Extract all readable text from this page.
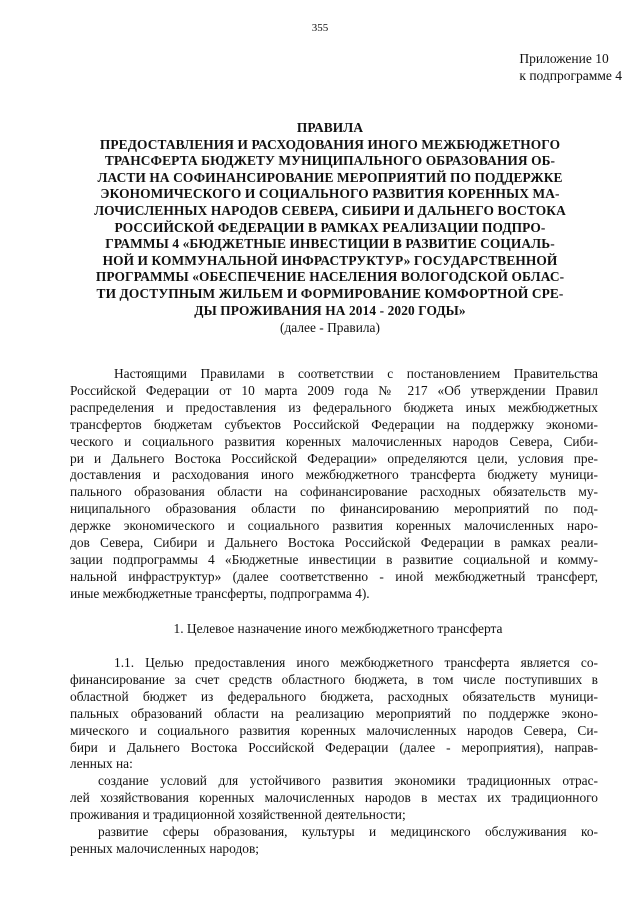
355
Приложение 10
к подпрограмме 4
ПРАВИЛА
ПРЕДОСТАВЛЕНИЯ И РАСХОДОВАНИЯ ИНОГО МЕЖБЮДЖЕТНОГО
ТРАНСФЕРТА БЮДЖЕТУ МУНИЦИПАЛЬНОГО ОБРАЗОВАНИЯ ОБ-
ЛАСТИ НА СОФИНАНСИРОВАНИЕ МЕРОПРИЯТИЙ ПО ПОДДЕРЖКЕ
ЭКОНОМИЧЕСКОГО И СОЦИАЛЬНОГО РАЗВИТИЯ КОРЕННЫХ МА-
ЛОЧИСЛЕННЫХ НАРОДОВ СЕВЕРА, СИБИРИ И ДАЛЬНЕГО ВОСТОКА
РОССИЙСКОЙ ФЕДЕРАЦИИ В РАМКАХ РЕАЛИЗАЦИИ ПОДПРО-
ГРАММЫ 4 «БЮДЖЕТНЫЕ ИНВЕСТИЦИИ В РАЗВИТИЕ СОЦИАЛЬ-
НОЙ И КОММУНАЛЬНОЙ ИНФРАСТРУКТУР» ГОСУДАРСТВЕННОЙ
ПРОГРАММЫ «ОБЕСПЕЧЕНИЕ НАСЕЛЕНИЯ ВОЛОГОДСКОЙ ОБЛАС-
ТИ ДОСТУПНЫМ ЖИЛЬЕМ И ФОРМИРОВАНИЕ КОМФОРТНОЙ СРЕ-
ДЫ ПРОЖИВАНИЯ НА 2014 - 2020 ГОДЫ»
(далее - Правила)
Настоящими Правилами в соответствии с постановлением Правительства
Российской Федерации от 10 марта 2009 года № 217 «Об утверждении Правил
распределения и предоставления из федерального бюджета иных межбюджетных
трансфертов бюджетам субъектов Российской Федерации на поддержку экономи-
ческого и социального развития коренных малочисленных народов Севера, Сиби-
ри и Дальнего Востока Российской Федерации» определяются цели, условия пре-
доставления и расходования иного межбюджетного трансферта бюджету муници-
пального образования области на софинансирование расходных обязательств му-
ниципального образования области по финансированию мероприятий по под-
держке экономического и социального развития коренных малочисленных наро-
дов Севера, Сибири и Дальнего Востока Российской Федерации в рамках реали-
зации подпрограммы 4 «Бюджетные инвестиции в развитие социальной и комму-
нальной инфраструктур» (далее соответственно - иной межбюджетный трансферт,
иные межбюджетные трансферты, подпрограмма 4).
1. Целевое назначение иного межбюджетного трансферта
1.1. Целью предоставления иного межбюджетного трансферта является со-
финансирование за счет средств областного бюджета, в том числе поступивших в
областной бюджет из федерального бюджета, расходных обязательств муници-
пальных образований области на реализацию мероприятий по поддержке эконо-
мического и социального развития коренных малочисленных народов Севера, Си-
бири и Дальнего Востока Российской Федерации (далее - мероприятия), направ-
ленных на:
создание условий для устойчивого развития экономики традиционных отрас-
лей хозяйствования коренных малочисленных народов в местах их традиционного
проживания и традиционной хозяйственной деятельности;
развитие сферы образования, культуры и медицинского обслуживания ко-
ренных малочисленных народов;
